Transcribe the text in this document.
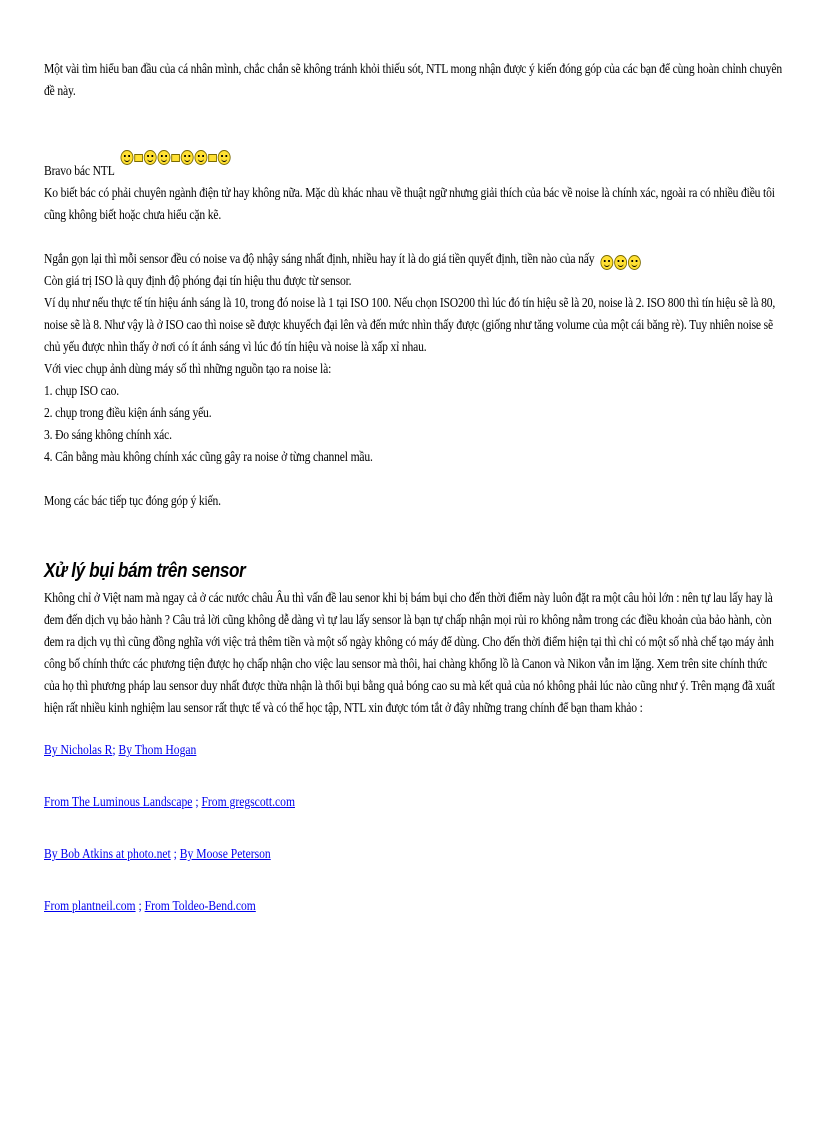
Một vài tìm hiểu ban đầu của cá nhân mình, chắc chắn sẽ không tránh khỏi thiếu sót, NTL mong nhận được ý kiến đóng góp của các bạn để cùng hoàn chỉnh chuyên đề này.

Bravo bác NTL

Ko biết bác có phải chuyên ngành điện tử hay không nữa. Mặc dù khác nhau về thuật ngữ nhưng giải thích của bác về noise là chính xác, ngoài ra có nhiều điều tôi cũng không biết hoặc chưa hiểu cặn kẽ.

Ngắn gọn lại thì mỗi sensor đều có noise va độ nhậy sáng nhất định, nhiều hay ít là do giá tiền quyết định, tiền nào của nấy

Còn giá trị ISO là quy định độ phóng đại tín hiệu thu được từ sensor.

Ví dụ như nếu thực tế tín hiệu ánh sáng là 10, trong đó noise là 1 tại ISO 100. Nếu chọn ISO200 thì lúc đó tín hiệu sẽ là 20, noise là 2. ISO 800 thì tín hiệu sẽ là 80, noise sẽ là 8. Như vậy là ở ISO cao thì noise sẽ được khuyếch đại lên và đến mức nhìn thấy được (giống như tăng volume của một cái băng rè). Tuy nhiên noise sẽ chủ yếu được nhìn thấy ở nơi có ít ánh sáng vì lúc đó tín hiệu và noise là xấp xỉ nhau.

Với viec chụp ảnh dùng máy số thì những nguồn tạo ra noise là:

1. chụp ISO cao.

2. chụp trong điều kiện ánh sáng yếu.

3. Đo sáng không chính xác.

4. Cân bằng màu không chính xác cũng gây ra noise ở từng channel mầu.

Mong các bác tiếp tục đóng góp ý kiến.

Xử lý bụi bám trên sensor

Không chỉ ở Việt nam mà ngay cả ở các nước châu Âu thì vấn đề lau senor khi bị bám bụi cho đến thời điểm này luôn đặt ra một câu hỏi lớn : nên tự lau lấy hay là đem đến dịch vụ bảo hành ? Câu trả lời cũng không dễ dàng vì tự lau lấy sensor là bạn tự chấp nhận mọi rủi ro không nằm trong các điều khoản của bảo hành, còn đem ra dịch vụ thì cũng đồng nghĩa với việc trả thêm tiền và một số ngày không có máy để dùng. Cho đến thời điểm hiện tại thì chỉ có một số nhà chế tạo máy ảnh công bố chính thức các phương tiện được họ chấp nhận cho việc lau sensor mà thôi, hai chàng khổng lồ là Canon và Nikon vẫn im lặng. Xem trên site chính thức của họ thì phương pháp lau sensor duy nhất được thừa nhận là thổi bụi bằng quả bóng cao su mà kết quả của nó không phải lúc nào cũng như ý. Trên mạng đã xuất hiện rất nhiều kinh nghiệm lau sensor rất thực tế và có thể học tập, NTL xin được tóm tắt ở đây những trang chính để bạn tham khảo :

By Nicholas R; By Thom Hogan
From The Luminous Landscape ; From gregscott.com
By Bob Atkins at photo.net ; By Moose Peterson
From plantneil.com ; From Toldeo-Bend.com
